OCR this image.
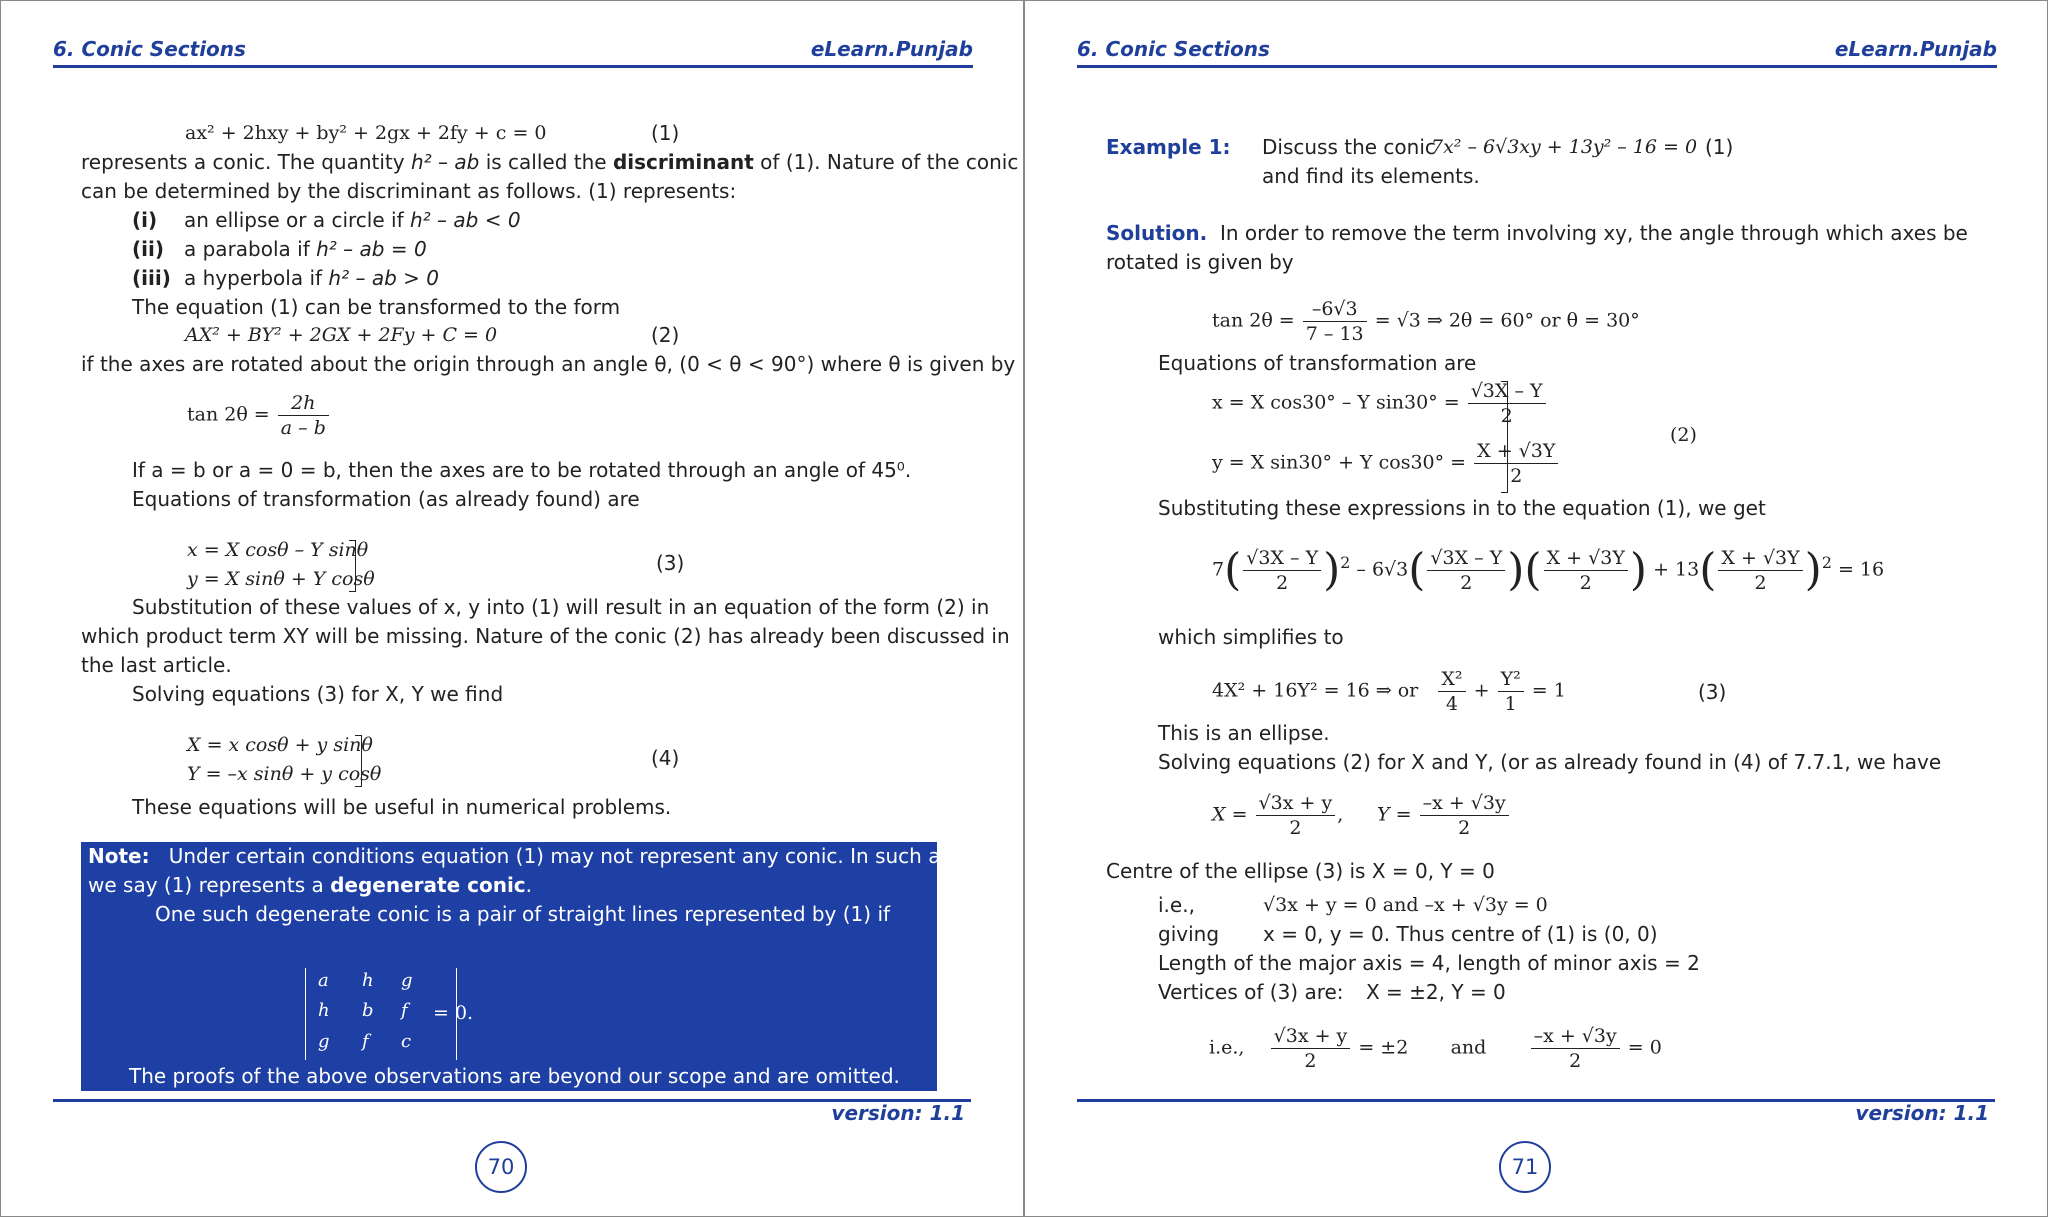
6. Conic Sections	eLearn.Punjab
ax² + 2hxy + by² + 2gx + 2fy + c = 0	(1)
represents a conic. The quantity h² – ab is called the discriminant of (1). Nature of the conic
can be determined by the discriminant as follows. (1) represents:
(i) an ellipse or a circle if h² – ab < 0
(ii) a parabola if h² – ab = 0
(iii) a hyperbola if h² – ab > 0
The equation (1) can be transformed to the form
AX² + BY² + 2GX + 2Fy + C = 0	(2)
if the axes are rotated about the origin through an angle θ, (0 < θ < 90°) where θ is given by
$\tan 2\theta = \frac{2h}{a - b}$
If a = b or a = 0 = b, then the axes are to be rotated through an angle of 45⁰.
Equations of transformation (as already found) are
x = X cosθ – Y sinθ
y = X sinθ + Y cosθ
(3)
Substitution of these values of x, y into (1) will result in an equation of the form (2) in
which product term XY will be missing. Nature of the conic (2) has already been discussed in
the last article.
Solving equations (3) for X, Y we find
X = x cosθ + y sinθ
Y = –x sinθ + y cosθ
(4)
These equations will be useful in numerical problems.
Note: Under certain conditions equation (1) may not represent any conic. In such a case
we say (1) represents a degenerate conic.
One such degenerate conic is a pair of straight lines represented by (1) if
a h g
h b f
g f c
= 0.
The proofs of the above observations are beyond our scope and are omitted.
version: 1.1
70
6. Conic Sections	eLearn.Punjab
Example 1: Discuss the conic
7x² – 6√3xy + 13y² – 16 = 0 (1)
and find its elements.
Solution. In order to remove the term involving xy, the angle through which axes be
rotated is given by
$\tan 2\theta = \frac{-6√3}{7 - 13} = √3$ ⇒ 2θ = 60° or θ = 30°
Equations of transformation are
x = X cos30° – Y $\sin 30^\circ = \frac{√3X - Y}{2}$
y = X sin30° + Y $\cos 30^\circ = \frac{X + √3Y}{2}$
(2)
Substituting these expressions in to the equation (1), we get
$7( \frac{√3X - Y}{2} )^2 - 6√3( \frac{√3X - Y}{2}$ )( $\frac{X + √3Y}{2}$ ) + $13( \frac{X + √3Y}{2} )^2 = 16$
which simplifies to
4X² + 16Y² = 16 ⇒ or $\frac{\text{X²}}{4} + \frac{\text{Y²}}{1} = 1$	(3)
This is an ellipse.
Solving equations (2) for X and Y, (or as already found in (4) of 7.7.1, we have
$X = \frac{√3x + y}{2}$ , $Y = \frac{-x + √3y}{2}$
Centre of the ellipse (3) is X = 0, Y = 0
i.e.,	√3x + y = 0 and –x + √3y = 0
giving x = 0, y = 0. Thus centre of (1) is (0, 0)
Length of the major axis = 4, length of minor axis = 2
Vertices of (3) are: X = ±2, Y = 0
i.e., $\frac{√3x + y}{2} = \pm 2$ and $\frac{-x + √3y}{2} = 0$
version: 1.1
71
